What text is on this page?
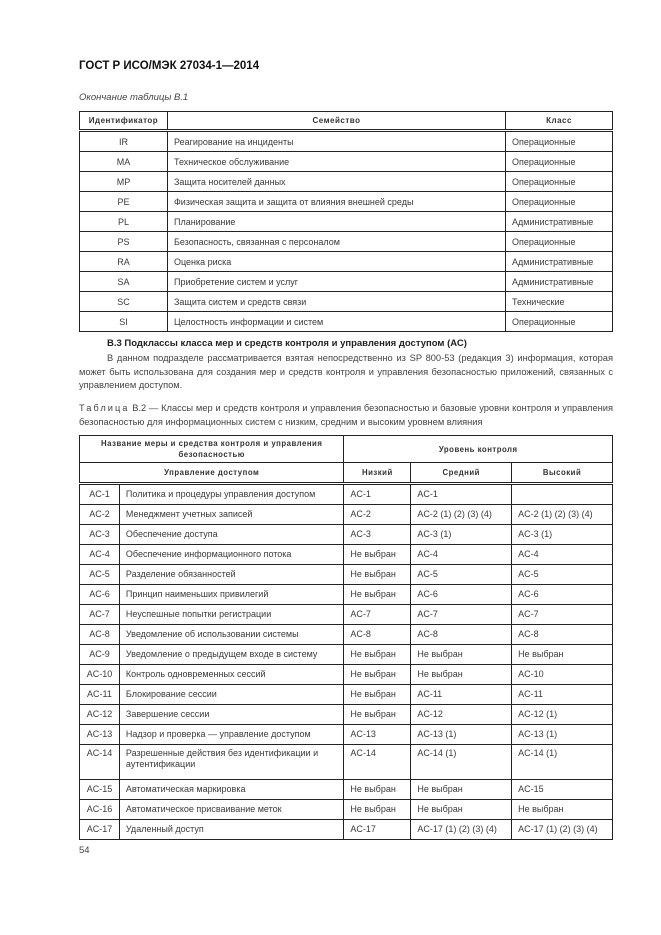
ГОСТ Р ИСО/МЭК 27034-1—2014
Окончание таблицы В.1
Идентификатор	Семейство	Класс
IR	Реагирование на инциденты	Операционные
MA	Техническое обслуживание	Операционные
MP	Защита носителей данных	Операционные
PE	Физическая защита и защита от влияния внешней среды	Операционные
PL	Планирование	Административные
PS	Безопасность, связанная с персоналом	Операционные
RA	Оценка риска	Административные
SA	Приобретение систем и услуг	Административные
SC	Защита систем и средств связи	Технические
SI	Целостность информации и систем	Операционные
В.3 Подклассы класса мер и средств контроля и управления доступом (АС)
В данном подразделе рассматривается взятая непосредственно из SP 800-53 (редакция 3) информация, которая может быть использована для создания мер и средств контроля и управления безопасностью приложений, связанных с управлением доступом.
Таблица В.2 — Классы мер и средств контроля и управления безопасностью и базовые уровни контроля и управления безопасностью для информационных систем с низким, средним и высоким уровнем влияния
Название меры и средства контроля и управления безопасностью		Уровень контроля		
Управление доступом		Низкий	Средний	Высокий
AC-1	Политика и процедуры управления доступом	AC-1	AC-1	
AC-2	Менеджмент учетных записей	AC-2	AC-2 (1) (2) (3) (4)	AC-2 (1) (2) (3) (4)
AC-3	Обеспечение доступа	AC-3	AC-3 (1)	AC-3 (1)
AC-4	Обеспечение информационного потока	Не выбран	AC-4	AC-4
AC-5	Разделение обязанностей	Не выбран	AC-5	AC-5
AC-6	Принцип наименьших привилегий	Не выбран	AC-6	AC-6
AC-7	Неуспешные попытки регистрации	AC-7	AC-7	AC-7
AC-8	Уведомление об использовании системы	AC-8	AC-8	AC-8
AC-9	Уведомление о предыдущем входе в систему	Не выбран	Не выбран	Не выбран
AC-10	Контроль одновременных сессий	Не выбран	Не выбран	AC-10
AC-11	Блокирование сессии	Не выбран	AC-11	AC-11
AC-12	Завершение сессии	Не выбран	AC-12	AC-12 (1)
AC-13	Надзор и проверка — управление доступом	AC-13	AC-13 (1)	AC-13 (1)
AC-14	Разрешенные действия без идентификации и аутентификации	AC-14	AC-14 (1)	AC-14 (1)
AC-15	Автоматическая маркировка	Не выбран	Не выбран	AC-15
AC-16	Автоматическое присваивание меток	Не выбран	Не выбран	Не выбран
AC-17	Удаленный доступ	AC-17	AC-17 (1) (2) (3) (4)	AC-17 (1) (2) (3) (4)
54
